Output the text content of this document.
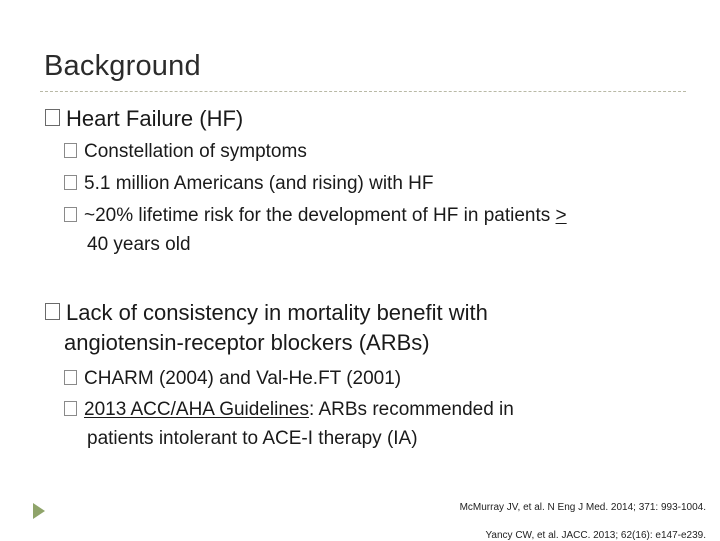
Background
Heart Failure (HF)
Constellation of symptoms
5.1 million Americans (and rising) with HF
~20% lifetime risk for the development of HF in patients >
40 years old
Lack of consistency in mortality benefit with
angiotensin-receptor blockers (ARBs)
CHARM (2004) and Val-He.FT (2001)
2013 ACC/AHA Guidelines: ARBs recommended in
patients intolerant to ACE-I therapy (IA)
McMurray JV, et al. N Eng J Med. 2014; 371: 993-1004.
Yancy CW, et al. JACC. 2013; 62(16): e147-e239.
